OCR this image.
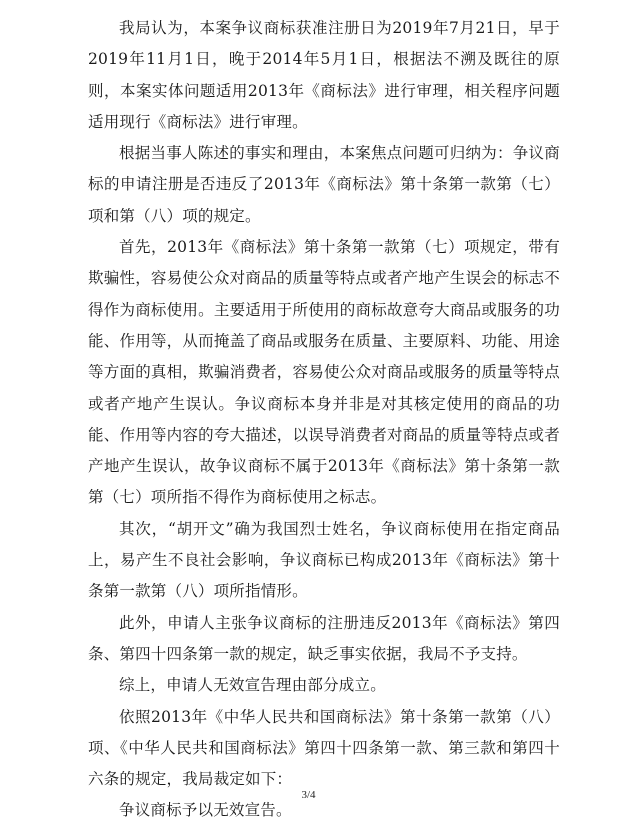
我局认为，本案争议商标获准注册日为2019年7月21日，早于2019年11月1日，晚于2014年5月1日，根据法不溯及既往的原则，本案实体问题适用2013年《商标法》进行审理，相关程序问题适用现行《商标法》进行审理。

根据当事人陈述的事实和理由，本案焦点问题可归纳为：争议商标的申请注册是否违反了2013年《商标法》第十条第一款第（七）项和第（八）项的规定。

首先，2013年《商标法》第十条第一款第（七）项规定，带有欺骗性，容易使公众对商品的质量等特点或者产地产生误会的标志不得作为商标使用。主要适用于所使用的商标故意夸大商品或服务的功能、作用等，从而掩盖了商品或服务在质量、主要原料、功能、用途等方面的真相，欺骗消费者，容易使公众对商品或服务的质量等特点或者产地产生误认。争议商标本身并非是对其核定使用的商品的功能、作用等内容的夸大描述，以误导消费者对商品的质量等特点或者产地产生误认，故争议商标不属于2013年《商标法》第十条第一款第（七）项所指不得作为商标使用之标志。

其次，“胡开文”确为我国烈士姓名，争议商标使用在指定商品上，易产生不良社会影响，争议商标已构成2013年《商标法》第十条第一款第（八）项所指情形。

此外，申请人主张争议商标的注册违反2013年《商标法》第四条、第四十四条第一款的规定，缺乏事实依据，我局不予支持。

综上，申请人无效宣告理由部分成立。

依照2013年《中华人民共和国商标法》第十条第一款第（八）项、《中华人民共和国商标法》第四十四条第一款、第三款和第四十六条的规定，我局裁定如下：

争议商标予以无效宣告。

3/4
